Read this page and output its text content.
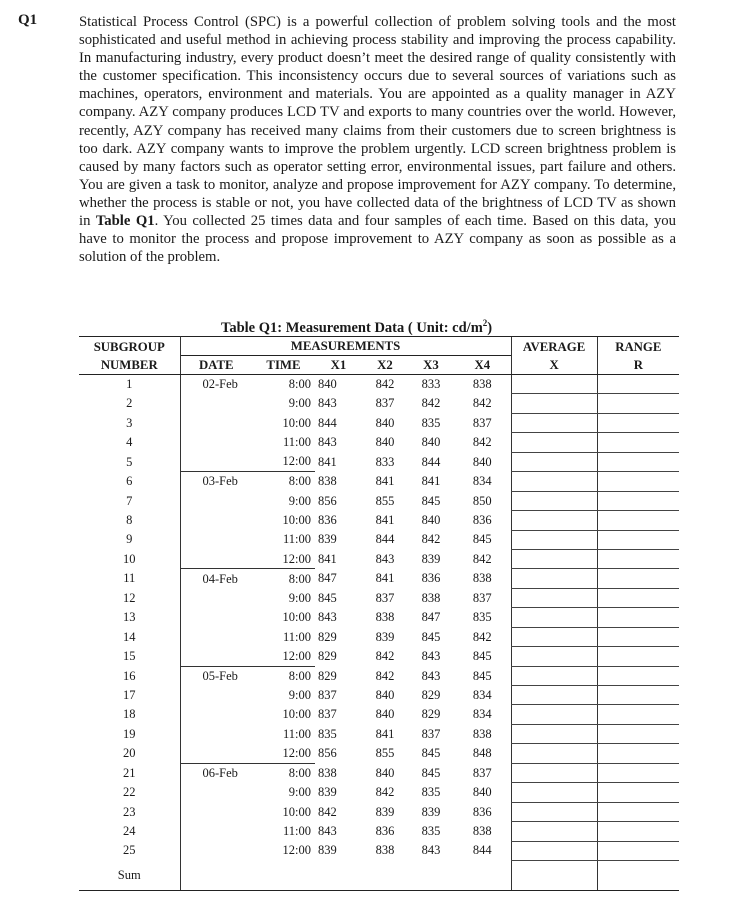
Q1	Statistical Process Control (SPC) is a powerful collection of problem solving tools and the most sophisticated and useful method in achieving process stability and improving the process capability. In manufacturing industry, every product doesn’t meet the desired range of quality consistently with the customer specification. This inconsistency occurs due to several sources of variations such as machines, operators, environment and materials. You are appointed as a quality manager in AZY company. AZY company produces LCD TV and exports to many countries over the world. However, recently, AZY company has received many claims from their customers due to screen brightness is too dark. AZY company wants to improve the problem urgently. LCD screen brightness problem is caused by many factors such as operator setting error, environmental issues, part failure and others. You are given a task to monitor, analyze and propose improvement for AZY company. To determine, whether the process is stable or not, you have collected data of the brightness of LCD TV as shown in Table Q1. You collected 25 times data and four samples of each time. Based on this data, you have to monitor the process and propose improvement to AZY company as soon as possible as a solution of the problem.

Table Q1: Measurement Data ( Unit: $cd/m^2$)
SUBGROUP	MEASUREMENTS						AVERAGE	RANGE
NUMBER	DATE	TIME	X1	X2	X3	X4	X	R
1	02-Feb	8:00	840	842	833	838		
2		9:00	843	837	842	842		
3		10:00	844	840	835	837		
4		11:00	843	840	840	842		
5		12:00	841	833	844	840		
6	03-Feb	8:00	838	841	841	834		
7		9:00	856	855	845	850		
8		10:00	836	841	840	836		
9		11:00	839	844	842	845		
10		12:00	841	843	839	842		
11	04-Feb	8:00	847	841	836	838		
12		9:00	845	837	838	837		
13		10:00	843	838	847	835		
14		11:00	829	839	845	842		
15		12:00	829	842	843	845		
16	05-Feb	8:00	829	842	843	845		
17		9:00	837	840	829	834		
18		10:00	837	840	829	834		
19		11:00	835	841	837	838		
20		12:00	856	855	845	848		
21	06-Feb	8:00	838	840	845	837		
22		9:00	839	842	835	840		
23		10:00	842	839	839	836		
24		11:00	843	836	835	838		
25		12:00	839	838	843	844		
Sum								
